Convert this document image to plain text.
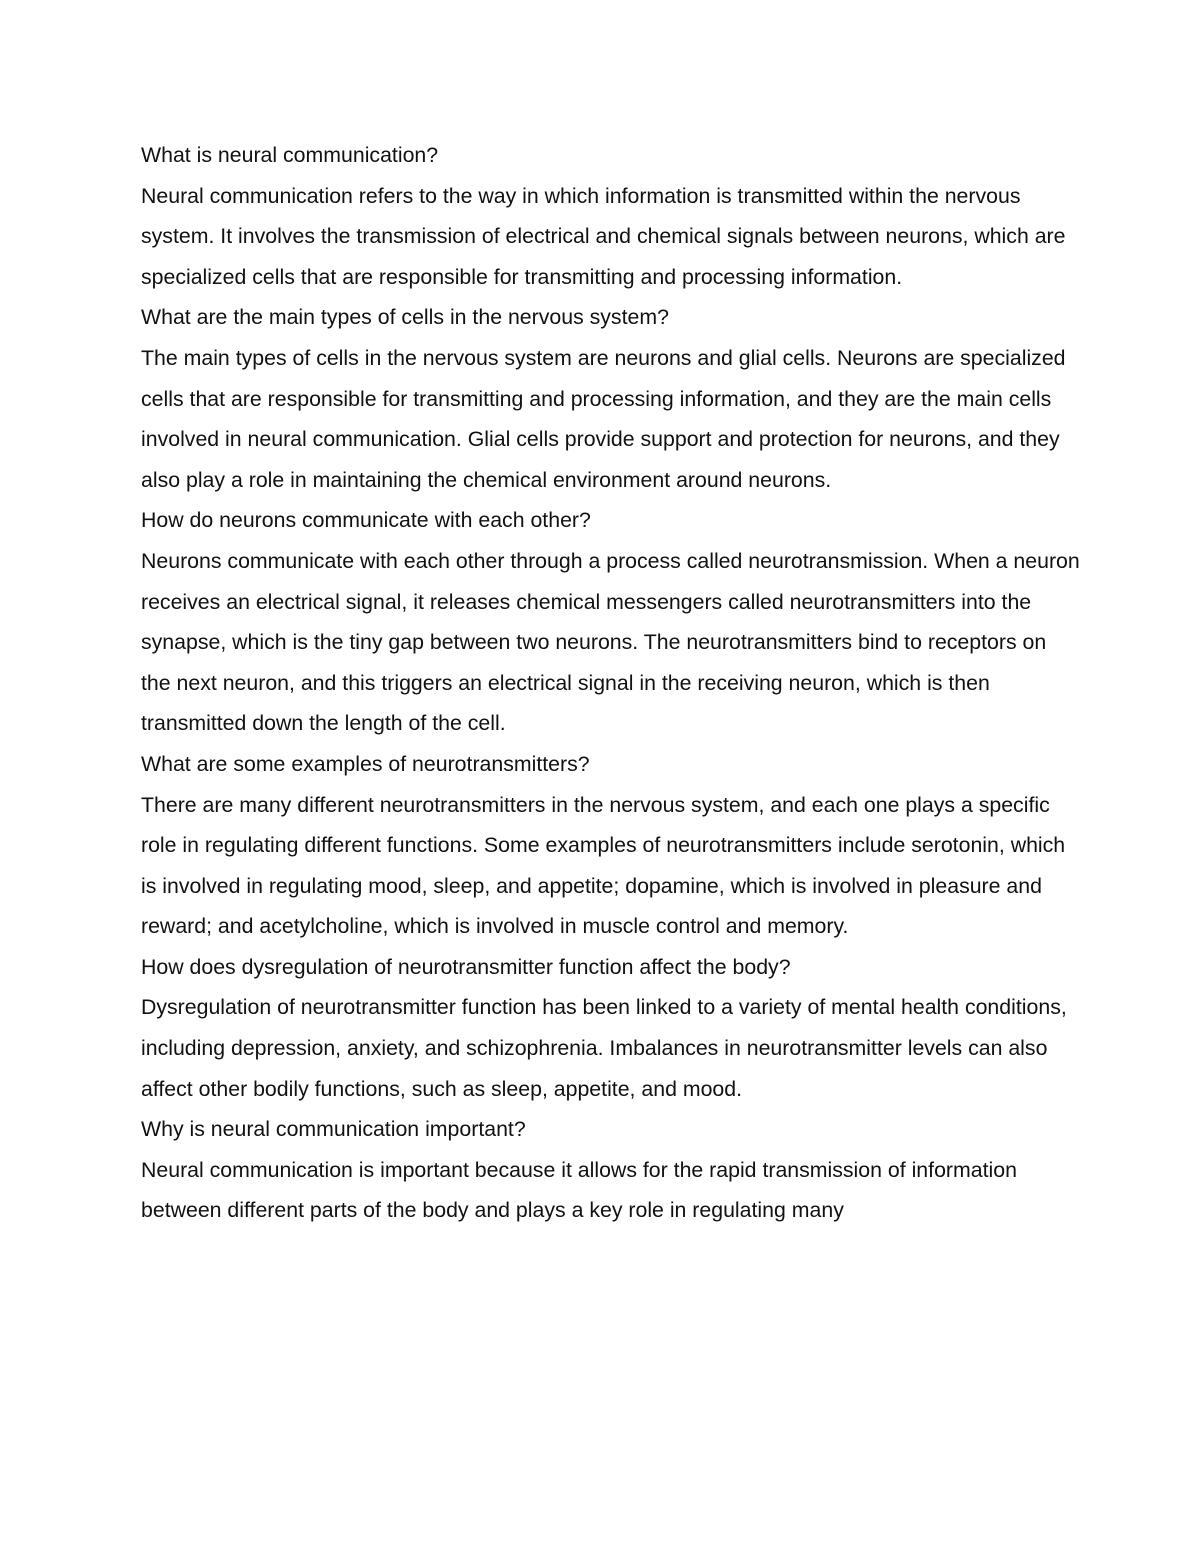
What is neural communication?

Neural communication refers to the way in which information is transmitted within the nervous system. It involves the transmission of electrical and chemical signals between neurons, which are specialized cells that are responsible for transmitting and processing information.

What are the main types of cells in the nervous system?

The main types of cells in the nervous system are neurons and glial cells. Neurons are specialized cells that are responsible for transmitting and processing information, and they are the main cells involved in neural communication. Glial cells provide support and protection for neurons, and they also play a role in maintaining the chemical environment around neurons.

How do neurons communicate with each other?

Neurons communicate with each other through a process called neurotransmission. When a neuron receives an electrical signal, it releases chemical messengers called neurotransmitters into the synapse, which is the tiny gap between two neurons. The neurotransmitters bind to receptors on the next neuron, and this triggers an electrical signal in the receiving neuron, which is then transmitted down the length of the cell.

What are some examples of neurotransmitters?

There are many different neurotransmitters in the nervous system, and each one plays a specific role in regulating different functions. Some examples of neurotransmitters include serotonin, which is involved in regulating mood, sleep, and appetite; dopamine, which is involved in pleasure and reward; and acetylcholine, which is involved in muscle control and memory.

How does dysregulation of neurotransmitter function affect the body?

Dysregulation of neurotransmitter function has been linked to a variety of mental health conditions, including depression, anxiety, and schizophrenia. Imbalances in neurotransmitter levels can also affect other bodily functions, such as sleep, appetite, and mood.

Why is neural communication important?

Neural communication is important because it allows for the rapid transmission of information between different parts of the body and plays a key role in regulating many
